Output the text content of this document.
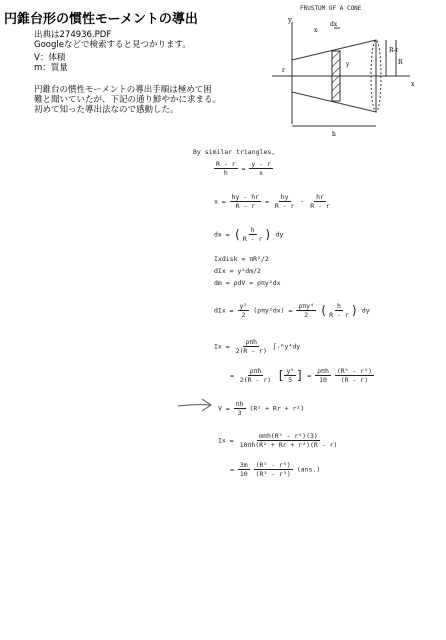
円錐台形の慣性モーメントの導出
出典は274936.PDF
Googleなどで検索すると見つかります。
V：体積
m：質量
円錐台の慣性モーメントの導出手順は極めて困
難と聞いていたが、下記の通り鮮やかに求まる。
初めて知った導出法なので感動した。
FRUSTUM OF A CONE
y
dx
x
R-r
R
y
r
x
h
By similar triangles,
$\frac{R - r}{h} = \frac{y - r}{x}$
$x = \frac{hy - hr}{R - r} = \frac{hy}{R - r} - \frac{hr}{R - r}$
dx = ( $\frac{h}{R - r}$ ) dy
Ixdisk = πR²/2
dIx = y²dm/2
dm = ρdV = ρπy²dx
dIx = $\frac{\text{y²}}{2} (\rho\pi y^2dx) = \frac{\text{ρπy⁴}}{2}$ ( $\frac{h}{R - r}$ ) dy
$Ix = \frac{\text{ρπh}}{2(R - r)}$ ∫ᵣᴿy⁴dy
= $\frac{\text{ρπh}}{2(R - r)}$ [ $\frac{\text{y⁵}}{5}$ ] = $\frac{\text{ρπh}}{10}$
$\frac{\text{(R⁵ - r⁵)}}{(R - r)}$
$V = \frac{\pi h}{3} (R^2 + Rr + r^2)$
$Ix = \frac{\text{mπh(R⁵ - r⁵)(3)}}{\text{10πh(R² + Rr + r²)(R - r)}}$
= $\frac{3m}{10}$
$\frac{\text{(R⁵ - r⁵)}}{\text{(R³ - r³)}} (ans.)$
